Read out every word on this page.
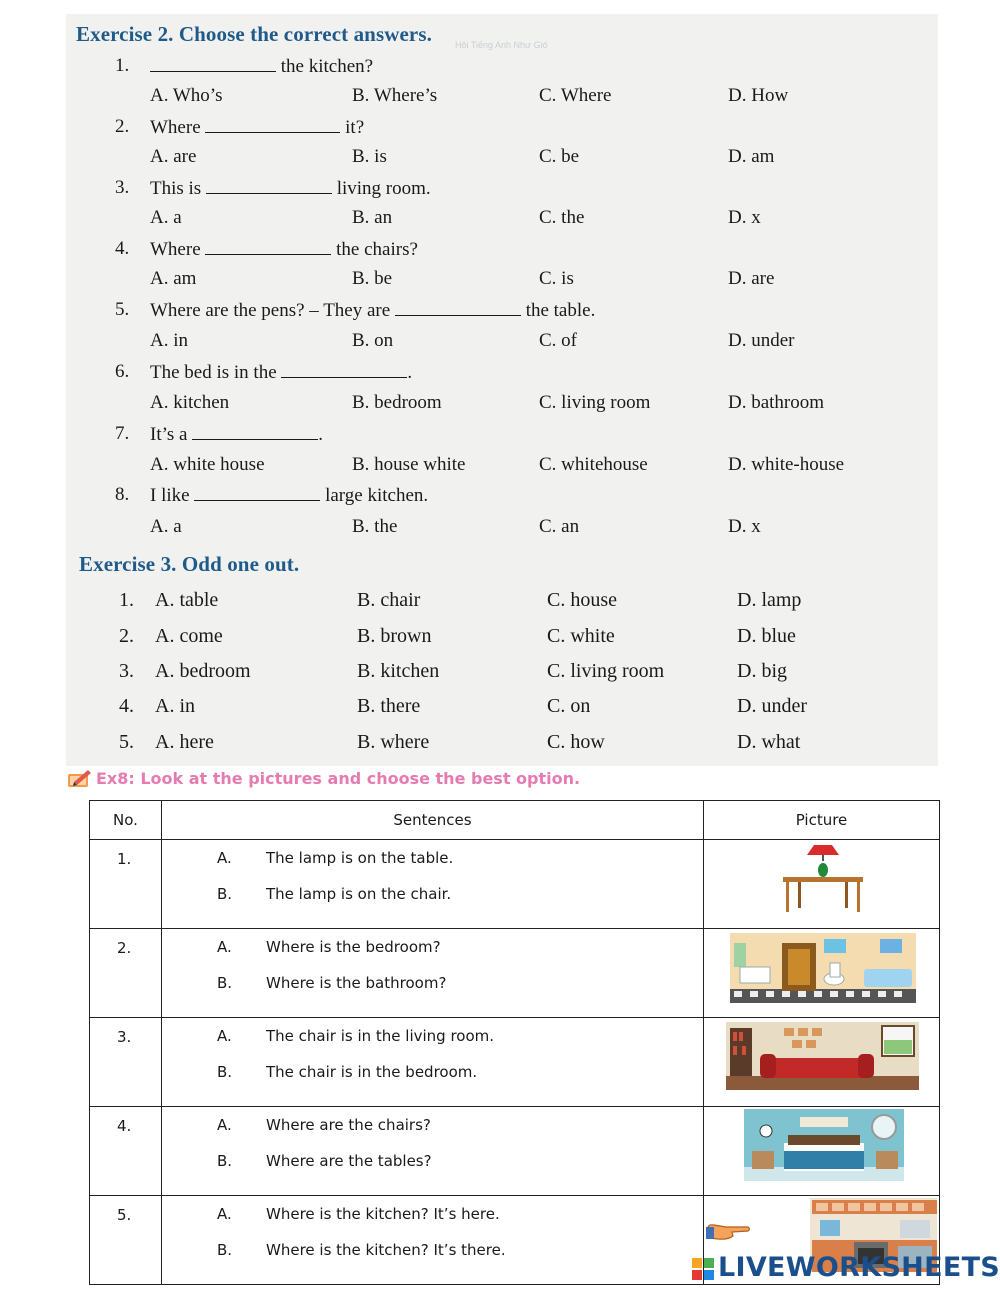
Exercise 2. Choose the correct answers.	Hội Tiếng Anh Như Gió
1.	the kitchen?
A. Who’s	B. Where’s	C. Where	D. How
2. Where	it?
A. are	B. is	C. be	D. am
3. This is	living room.
A. a	B. an	C. the	D. x
4. Where	the chairs?
A. am	B. be	C. is	D. are
5. Where are the pens? – They are	the table.
A. in	B. on	C. of	D. under
6. The bed is in the	.
A. kitchen	B. bedroom	C. living room	D. bathroom
7. It’s a	.
A. white house	B. house white	C. whitehouse	D. white-house
8. I like	large kitchen.
A. a	B. the	C. an	D. x
Exercise 3. Odd one out.
1. A. table	B. chair	C. house	D. lamp
2. A. come	B. brown	C. white	D. blue
3. A. bedroom	B. kitchen	C. living room	D. big
4. A. in	B. there	C. on	D. under
5. A. here	B. where	C. how	D. what
Ex8: Look at the pictures and choose the best option.
No.	Sentences	Picture
1.	A. The lamp is on the table.
B. The lamp is on the chair.

2.	A. Where is the bedroom?
B. Where is the bathroom?

3.	A. The chair is in the living room.
B. The chair is in the bedroom.

4.	A. Where are the chairs?
B. Where are the tables?

5.	A. Where is the kitchen? It’s here.
B. Where is the kitchen? It’s there.

LIVEWORKSHEETS
